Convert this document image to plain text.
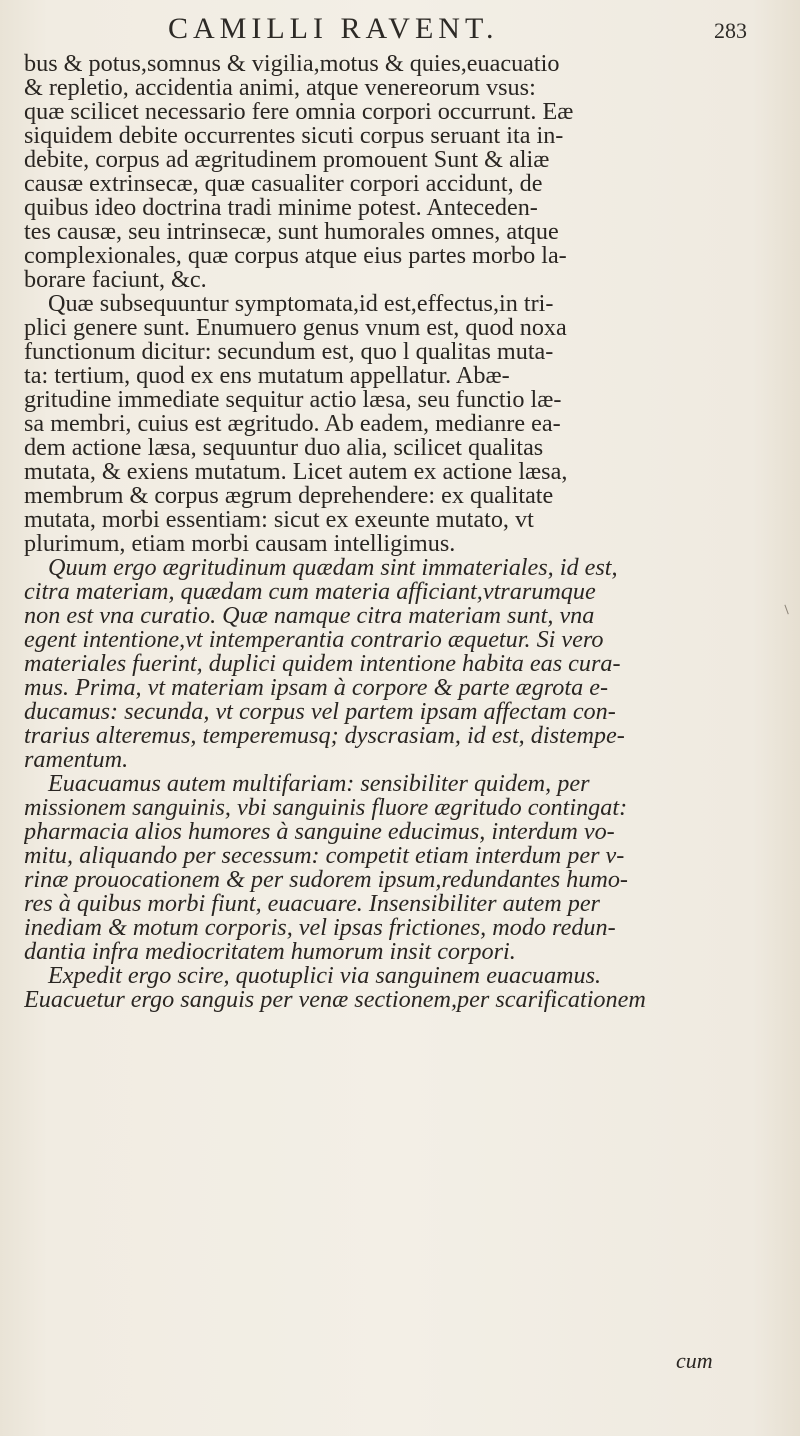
CAMILLI RAVENT.	283
bus & potus,somnus & vigilia,motus & quies,euacuatio
& repletio, accidentia animi, atque venereorum vsus:
quæ scilicet necessario fere omnia corpori occurrunt. Eæ
siquidem debite occurrentes sicuti corpus seruant ita in-
debite, corpus ad ægritudinem promouent Sunt & aliæ
causæ extrinsecæ, quæ casualiter corpori accidunt, de
quibus ideo doctrina tradi minime potest. Anteceden-
tes causæ, seu intrinsecæ, sunt humorales omnes, atque
complexionales, quæ corpus atque eius partes morbo la-
borare faciunt, &c.
Quæ subsequuntur symptomata,id est,effectus,in tri-
plici genere sunt. Enumuero genus vnum est, quod noxa
functionum dicitur: secundum est, quo l qualitas muta-
ta: tertium, quod ex ens mutatum appellatur. Abæ-
gritudine immediate sequitur actio læsa, seu functio læ-
sa membri, cuius est ægritudo. Ab eadem, medianre ea-
dem actione læsa, sequuntur duo alia, scilicet qualitas
mutata, & exiens mutatum. Licet autem ex actione læsa,
membrum & corpus ægrum deprehendere: ex qualitate
mutata, morbi essentiam: sicut ex exeunte mutato, vt
plurimum, etiam morbi causam intelligimus.
Quum ergo ægritudinum quædam sint immateriales, id est,
citra materiam, quædam cum materia afficiant,vtrarumque
non est vna curatio. Quæ namque citra materiam sunt, vna
egent intentione,vt intemperantia contrario æquetur. Si vero
materiales fuerint, duplici quidem intentione habita eas cura-
mus. Prima, vt materiam ipsam à corpore & parte ægrota e-
ducamus: secunda, vt corpus vel partem ipsam affectam con-
trarius alteremus, temperemusq; dyscrasiam, id est, distempe-
ramentum.
Euacuamus autem multifariam: sensibiliter quidem, per
missionem sanguinis, vbi sanguinis fluore ægritudo contingat:
pharmacia alios humores à sanguine educimus, interdum vo-
mitu, aliquando per secessum: competit etiam interdum per v-
rinæ prouocationem & per sudorem ipsum,redundantes humo-
res à quibus morbi fiunt, euacuare. Insensibiliter autem per
inediam & motum corporis, vel ipsas frictiones, modo redun-
dantia infra mediocritatem humorum insit corpori.
Expedit ergo scire, quotuplici via sanguinem euacuamus.
Euacuetur ergo sanguis per venæ sectionem,per scarificationem
cum
